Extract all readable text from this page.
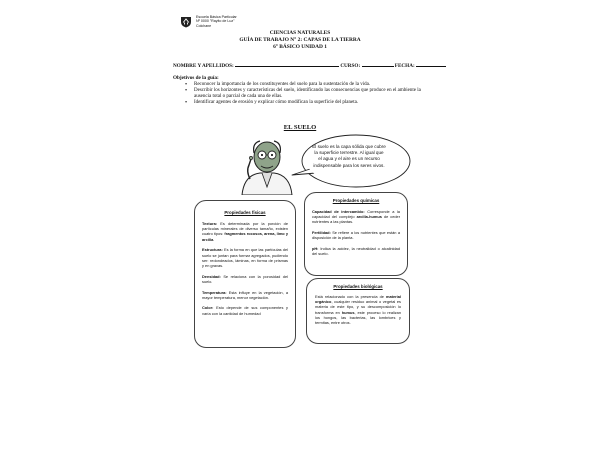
Escuela Básica Particular
Nº 0000 "Rayito de Luz"
Colchane
CIENCIAS NATURALES
GUÍA DE TRABAJO N° 2: CAPAS DE LA TIERRA
6° BÁSICO UNIDAD 1
NOMBRE Y APELLIDOS:	CURSO:	FECHA:
Objetivos de la guía:
• Reconocer la importancia de los constituyentes del suelo para la sustentación de la vida.
• Describir los horizontes y características del suelo, identificando las consecuencias que produce en el ambiente la ausencia total o parcial de cada una de ellas.
• Identificar agentes de erosión y explicar cómo modifican la superficie del planeta.
EL SUELO
El suelo es la capa sólida que cubre la superficie terrestre. Al igual que el agua y el aire es un recurso indispensable para los seres vivos.
Propiedades físicas

Textura: Es determinada por la porción de partículas minerales de diverso tamaño, existen cuatro tipos: fragmentos rocosos, arena, limo y arcilla.

Estructura: Es la forma en que las partículas del suelo se juntan para formar agregados, pudiendo ser: redondeados, láminas, en forma de prismas y en gravas.

Densidad: Se relaciona con la porosidad del suelo.

Temperatura: Esta influye en la vegetación, a mayor temperatura, menor vegetación.

Color: Esto depende de sus componentes y varía con la cantidad de humedad

Propiedades químicas

Capacidad de intercambio: Corresponde a la capacidad del complejo arcilla-humus de ceder nutrientes a las plantas.

Fertilidad: Se refiere a los nutrientes que están a disposición de la planta.

pH: Indica la acidez, la neutralidad o alcalinidad del suelo.

Propiedades biológicas

Está relacionado con la presencia de material orgánico, cualquier residuo animal o vegetal es materia de este tipo, y su descomposición lo transforma en humus, este proceso lo realizan los hongos, las bacterias, las lombrices y termitas, entre otros.
